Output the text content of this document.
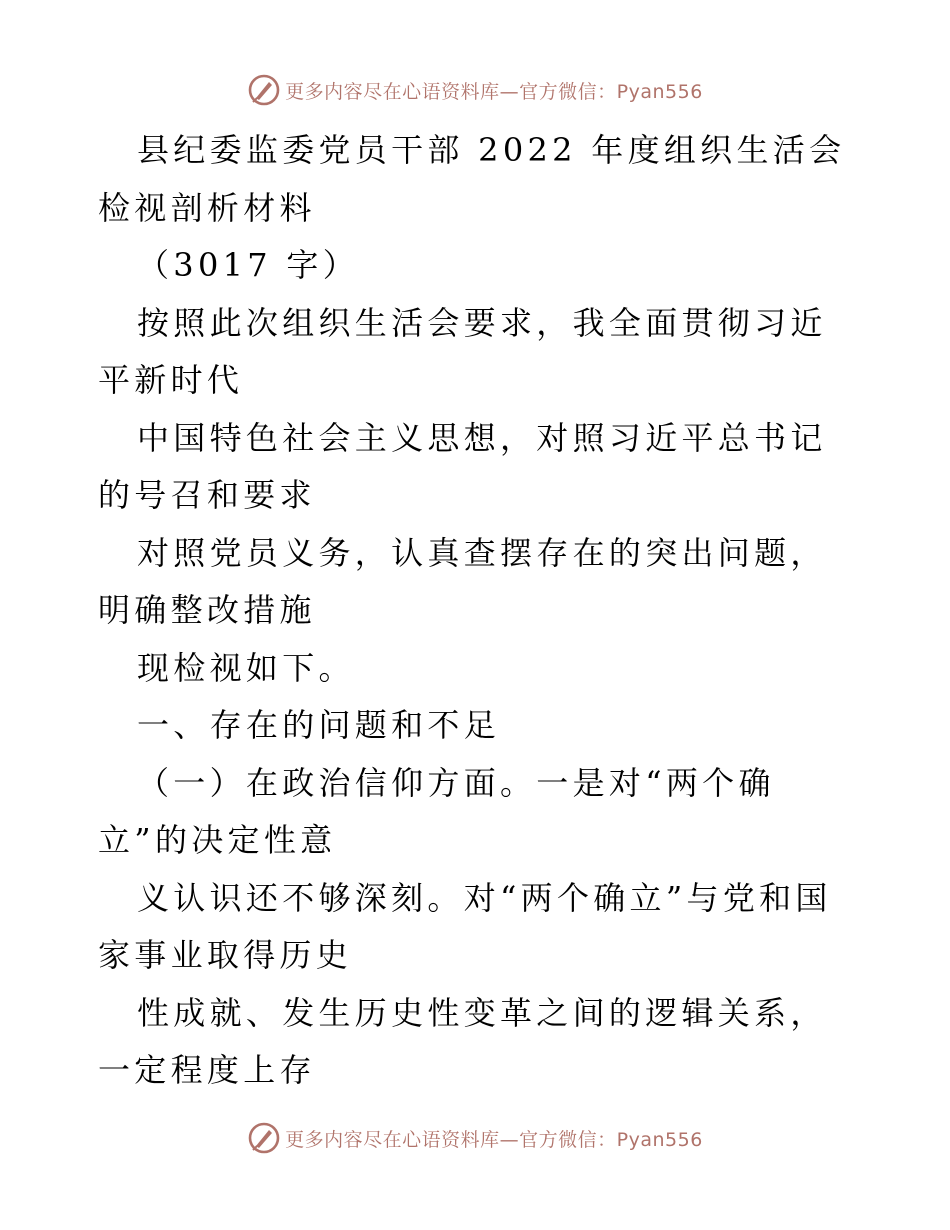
更多内容尽在心语资料库—官方微信：Pyan556

县纪委监委党员干部 2022 年度组织生活会检视剖析材料

（3017 字）

按照此次组织生活会要求，我全面贯彻习近平新时代

中国特色社会主义思想，对照习近平总书记的号召和要求

对照党员义务，认真查摆存在的突出问题，明确整改措施

现检视如下。

一、存在的问题和不足

（一）在政治信仰方面。一是对“两个确立”的决定性意

义认识还不够深刻。对“两个确立”与党和国家事业取得历史

性成就、发生历史性变革之间的逻辑关系，一定程度上存

更多内容尽在心语资料库—官方微信：Pyan556
